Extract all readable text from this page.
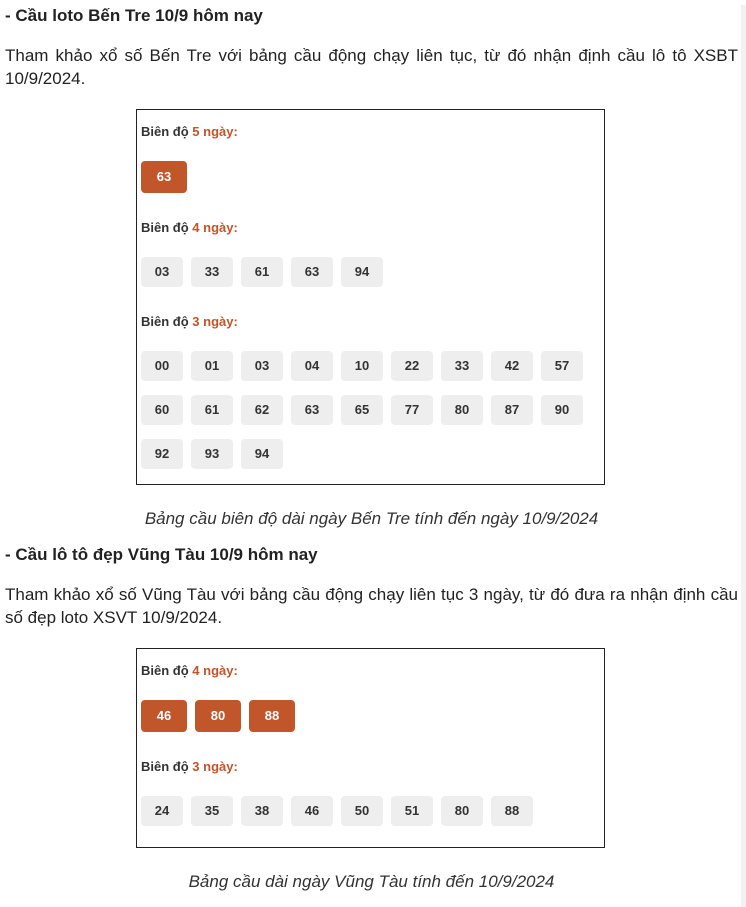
- Cầu loto Bến Tre 10/9 hôm nay

Tham khảo xổ số Bến Tre với bảng cầu động chạy liên tục, từ đó nhận định cầu lô tô XSBT 10/9/2024.

Biên độ 5 ngày:
63
Biên độ 4 ngày:
03	33	61	63	94
Biên độ 3 ngày:
00	01	03	04	10	22	33	42	57
60	61	62	63	65	77	80	87	90
92	93	94
Bảng cầu biên độ dài ngày Bến Tre tính đến ngày 10/9/2024
- Cầu lô tô đẹp Vũng Tàu 10/9 hôm nay

Tham khảo xổ số Vũng Tàu với bảng cầu động chạy liên tục 3 ngày, từ đó đưa ra nhận định cầu số đẹp loto XSVT 10/9/2024.

Biên độ 4 ngày:
46	80	88
Biên độ 3 ngày:
24	35	38	46	50	51	80	88
Bảng cầu dài ngày Vũng Tàu tính đến 10/9/2024
